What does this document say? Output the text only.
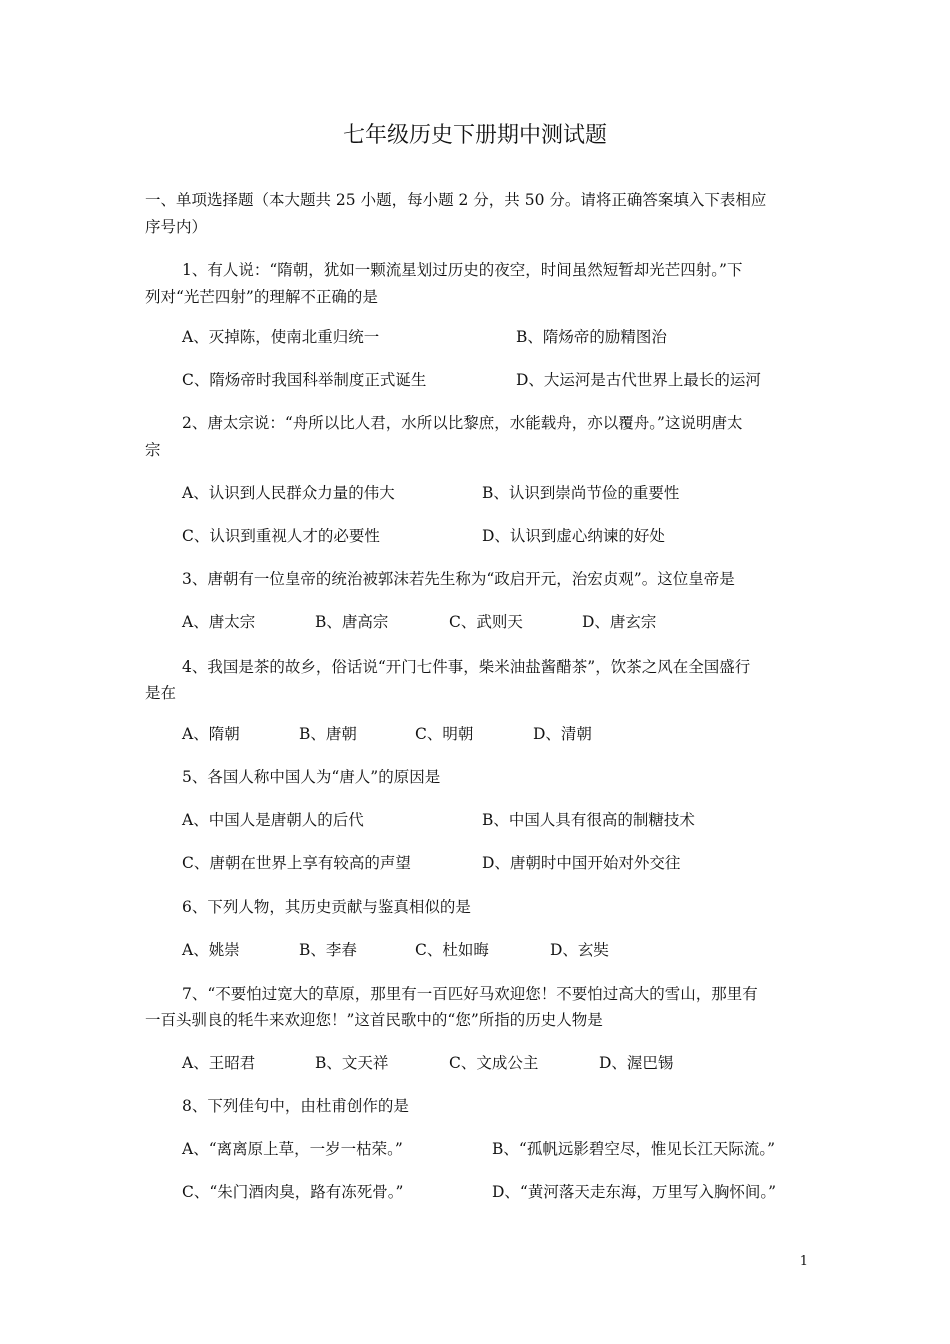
七年级历史下册期中测试题
一、单项选择题（本大题共 25 小题，每小题 2 分，共 50 分。请将正确答案填入下表相应
序号内）
1、有人说：“隋朝，犹如一颗流星划过历史的夜空，时间虽然短暂却光芒四射。”下
列对“光芒四射”的理解不正确的是
A、灭掉陈，使南北重归统一	B、隋炀帝的励精图治
C、隋炀帝时我国科举制度正式诞生	D、大运河是古代世界上最长的运河
2、唐太宗说：“舟所以比人君，水所以比黎庶，水能载舟，亦以覆舟。”这说明唐太
宗
A、认识到人民群众力量的伟大	B、认识到崇尚节俭的重要性
C、认识到重视人才的必要性	D、认识到虚心纳谏的好处
3、唐朝有一位皇帝的统治被郭沫若先生称为“政启开元，治宏贞观”。这位皇帝是
A、唐太宗	B、唐高宗	C、武则天	D、唐玄宗
4、我国是茶的故乡，俗话说“开门七件事，柴米油盐酱醋茶”，饮茶之风在全国盛行
是在
A、隋朝	B、唐朝	C、明朝	D、清朝
5、各国人称中国人为“唐人”的原因是
A、中国人是唐朝人的后代	B、中国人具有很高的制糖技术
C、唐朝在世界上享有较高的声望	D、唐朝时中国开始对外交往
6、下列人物，其历史贡献与鉴真相似的是
A、姚崇	B、李春	C、杜如晦	D、玄奘
7、“不要怕过宽大的草原，那里有一百匹好马欢迎您！不要怕过高大的雪山，那里有
一百头驯良的牦牛来欢迎您！”这首民歌中的“您”所指的历史人物是
A、王昭君	B、文天祥	C、文成公主	D、渥巴锡
8、下列佳句中，由杜甫创作的是
A、“离离原上草，一岁一枯荣。”	B、“孤帆远影碧空尽，惟见长江天际流。”
C、“朱门酒肉臭，路有冻死骨。”	D、“黄河落天走东海，万里写入胸怀间。”
1
